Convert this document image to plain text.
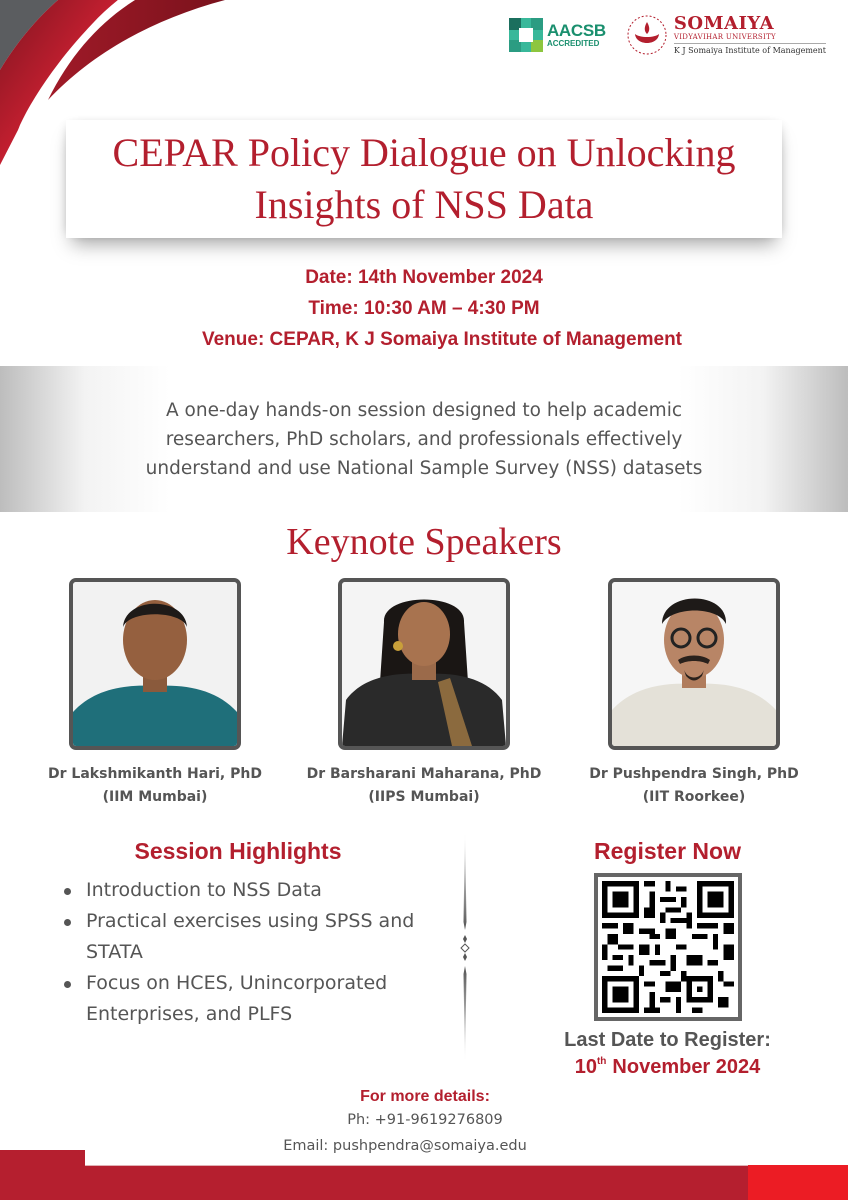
AACSB
ACCREDITED
SOMAIYA
VIDYAVIHAR UNIVERSITY
K J Somaiya Institute of Management
CEPAR Policy Dialogue on Unlocking
Insights of NSS Data
Date: 14th November 2024
Time: 10:30 AM – 4:30 PM
Venue: CEPAR, K J Somaiya Institute of Management
A one-day hands-on session designed to help academic
researchers, PhD scholars, and professionals effectively
understand and use National Sample Survey (NSS) datasets
Keynote Speakers
Dr Lakshmikanth Hari, PhD
(IIM Mumbai)
Dr Barsharani Maharana, PhD
(IIPS Mumbai)
Dr Pushpendra Singh, PhD
(IIT Roorkee)
Session Highlights
Introduction to NSS Data
Practical exercises using SPSS and STATA
Focus on HCES, Unincorporated Enterprises, and PLFS
Register Now
Last Date to Register:
10th November 2024
For more details:
Ph: +91-9619276809
Email: pushpendra@somaiya.edu
